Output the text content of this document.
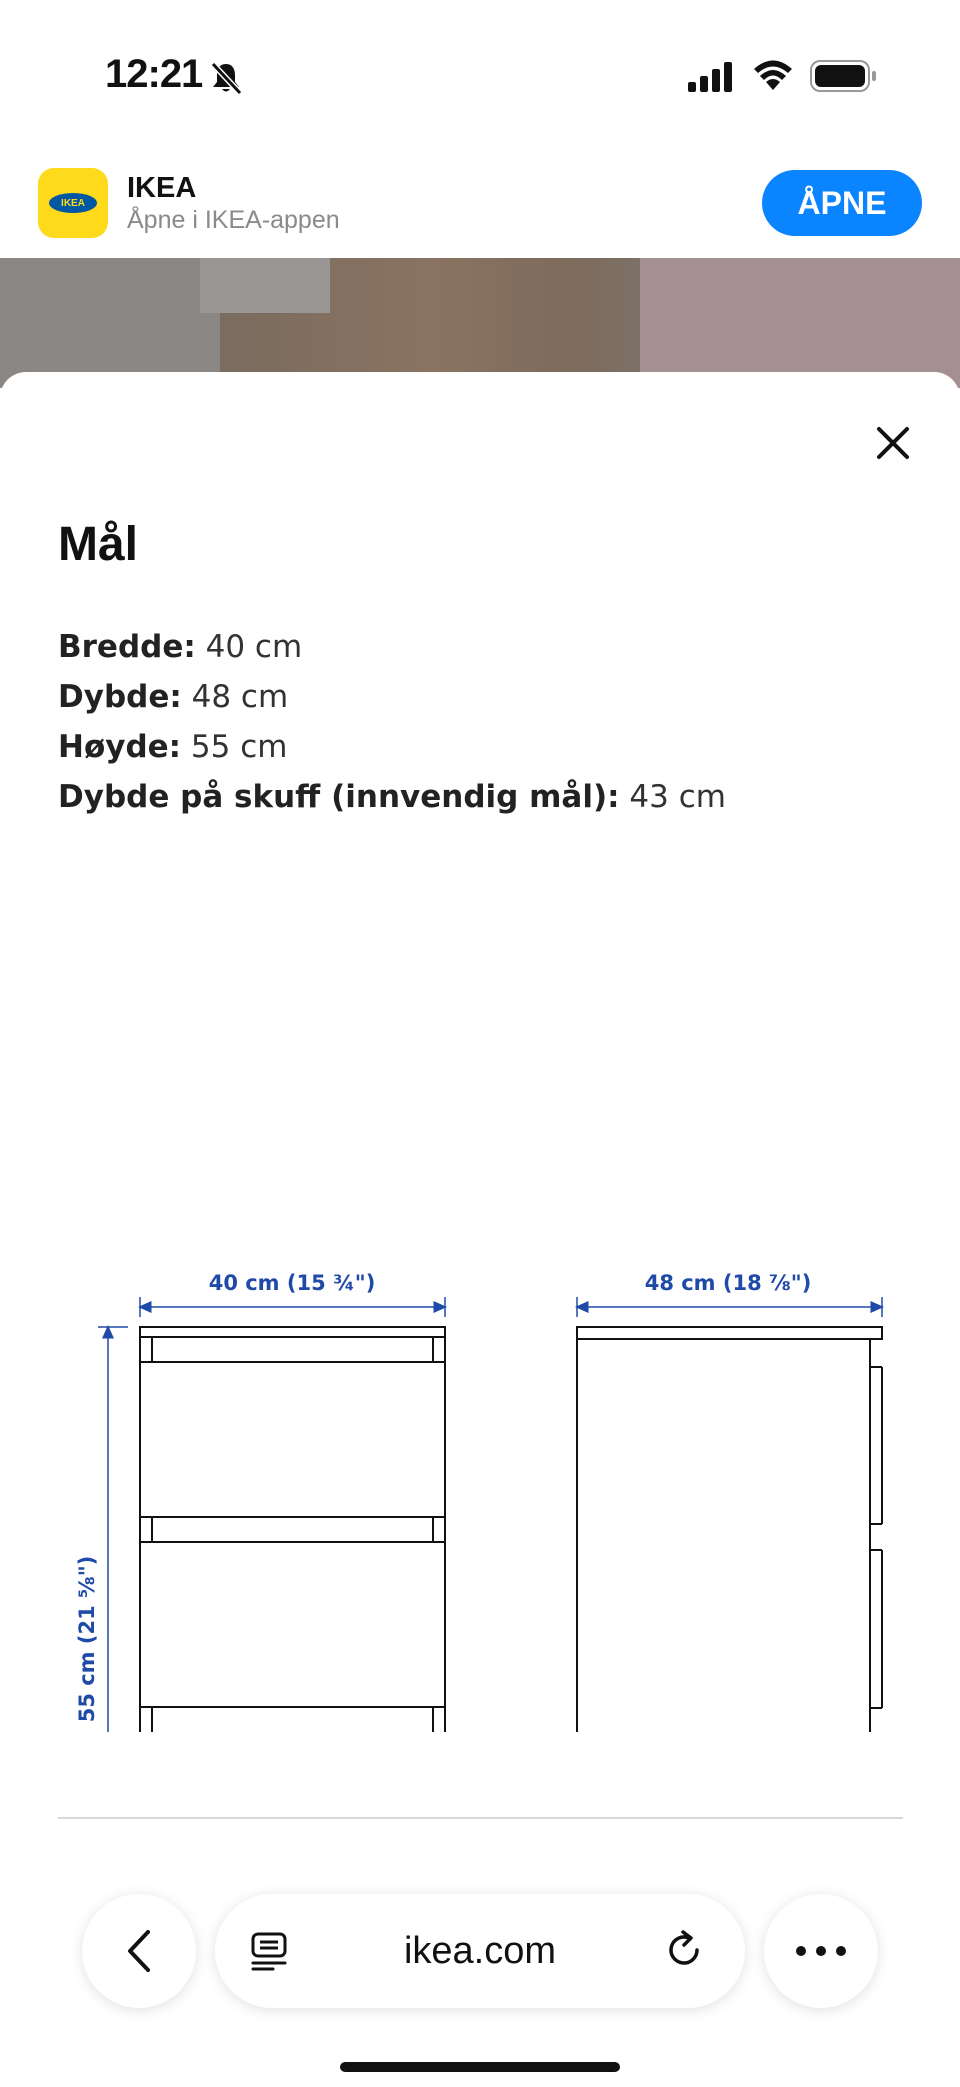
12:21
IKEA	IKEA
Åpne i IKEA-appen	ÅPNE
Mål
Bredde: 40 cm
Dybde: 48 cm
Høyde: 55 cm
Dybde på skuff (innvendig mål): 43 cm
40 cm (15 ¾")
55 cm (21 ⅝")
48 cm (18 ⅞")
ikea.com
